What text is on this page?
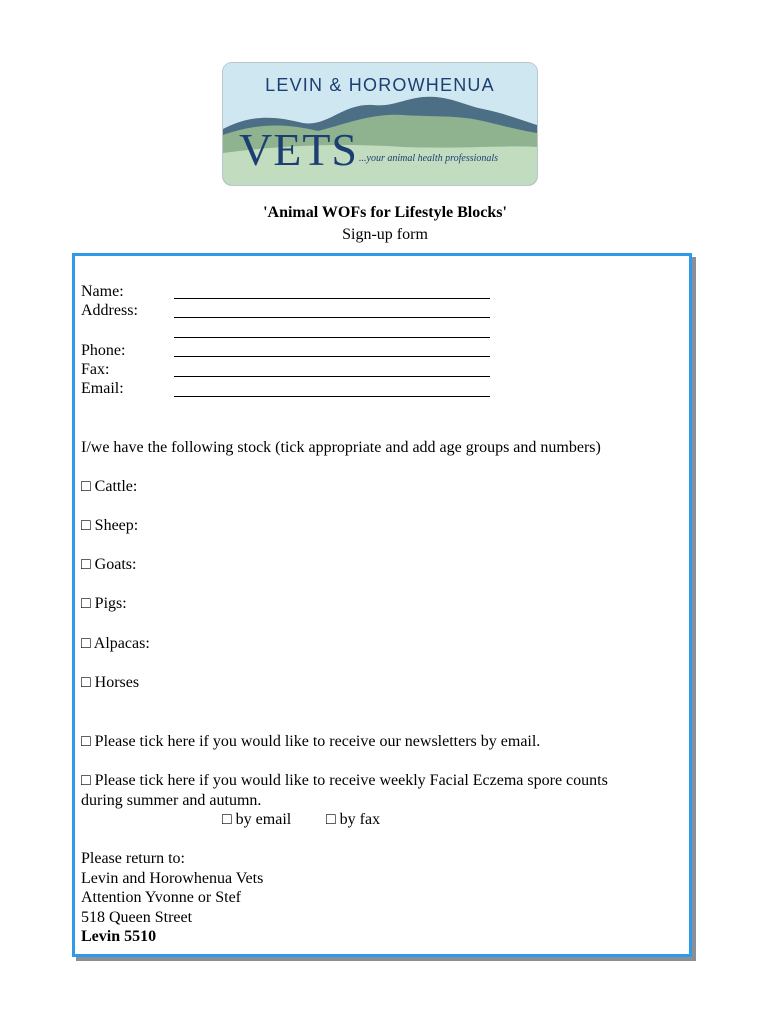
LEVIN & HOROWHENUA
VETS ...your animal health professionals
'Animal WOFs for Lifestyle Blocks'
Sign-up form
Name:
Address:
Phone:
Fax:
Email:
I/we have the following stock (tick appropriate and add age groups and numbers)
□ Cattle:
□ Sheep:
□ Goats:
□ Pigs:
□ Alpacas:
□ Horses
□ Please tick here if you would like to receive our newsletters by email.
□ Please tick here if you would like to receive weekly Facial Eczema spore counts
during summer and autumn.
□ by email □ by fax
Please return to:
Levin and Horowhenua Vets
Attention Yvonne or Stef
518 Queen Street
Levin 5510
